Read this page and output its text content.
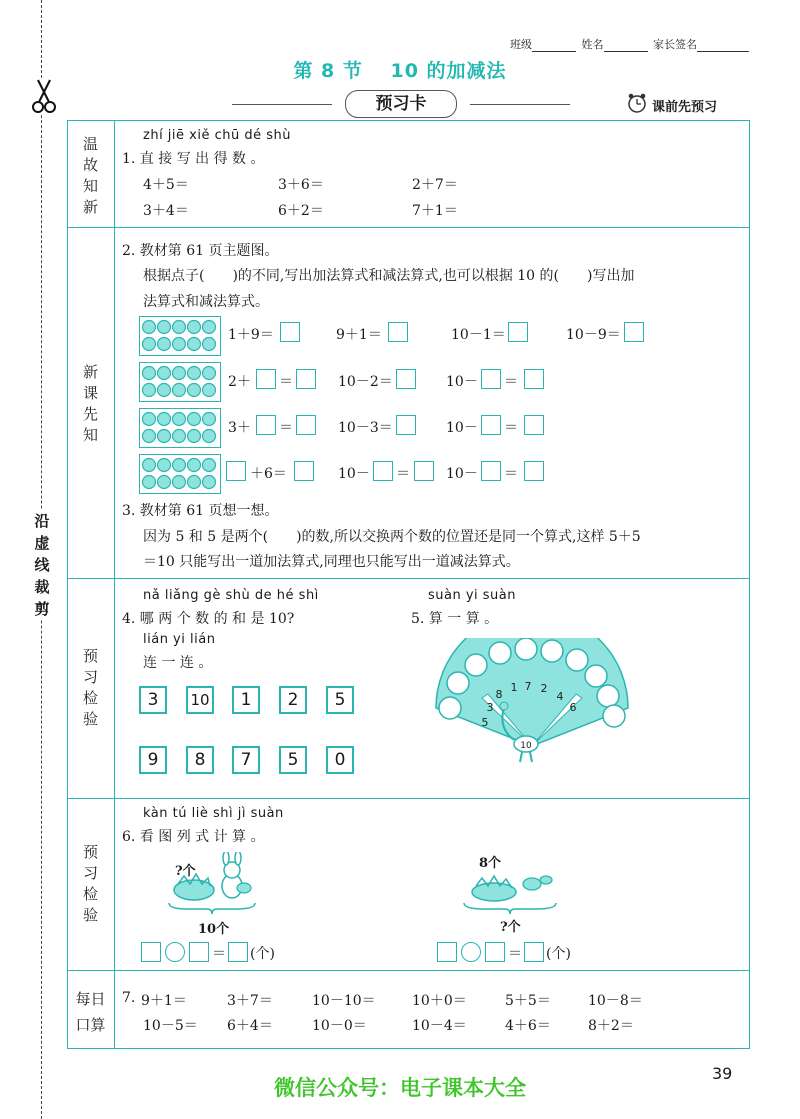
沿
虚
线
裁
剪
班级	姓名	家长签名
第 8 节　 10 的加减法
预习卡	课前先预习
温
故
知
新
新
课
先
知
预
习
检
验
预
习
检
验
每日
口算
zhí jiē xiě chū dé shù
1. 直 接 写 出 得 数 。
4＋5＝	3＋6＝	2＋7＝
3＋4＝	6＋2＝	7＋1＝
2. 教材第 61 页主题图。
根据点子(　　)的不同,写出加法算式和减法算式,也可以根据 10 的(　　)写出加
法算式和减法算式。
1＋9＝	9＋1＝	10－1＝	10－9＝
2＋ ＝	10－2＝	10－ ＝
3＋ ＝	10－3＝	10－ ＝
＋6＝	10－ ＝	10－ ＝
3. 教材第 61 页想一想。
因为 5 和 5 是两个(　　)的数,所以交换两个数的位置还是同一个算式,这样 5＋5
＝10 只能写出一道加法算式,同理也只能写出一道减法算式。
nǎ liǎng gè shù de hé shì
4. 哪 两 个 数 的 和 是 10?
lián yi lián
连 一 连 。
3	10	1	2	5
9	8	7	5	0
suàn yi suàn
5. 算 一 算 。
8
1 7 2
3
4
5
6
10
kàn tú liè shì jì suàn
6. 看 图 列 式 计 算 。
?个
10个
＝ (个)
8个
?个
＝ (个)
7. 9＋1＝	3＋7＝	10－10＝	10＋0＝	5＋5＝	10－8＝
10－5＝ 6＋4＝	10－0＝	10－4＝	4＋6＝	8＋2＝
39
微信公众号：电子课本大全
